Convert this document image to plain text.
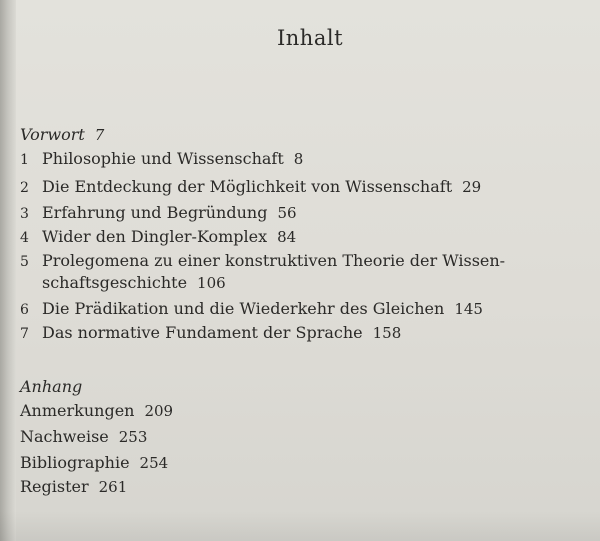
Inhalt
Vorwort 7
1 Philosophie und Wissenschaft 8
2 Die Entdeckung der Möglichkeit von Wissenschaft 29
3 Erfahrung und Begründung 56
4 Wider den Dingler-Komplex 84
5 Prolegomena zu einer konstruktiven Theorie der Wissen-
schaftsgeschichte 106
6 Die Prädikation und die Wiederkehr des Gleichen 145
7 Das normative Fundament der Sprache 158
Anhang
Anmerkungen 209
Nachweise 253
Bibliographie 254
Register 261
